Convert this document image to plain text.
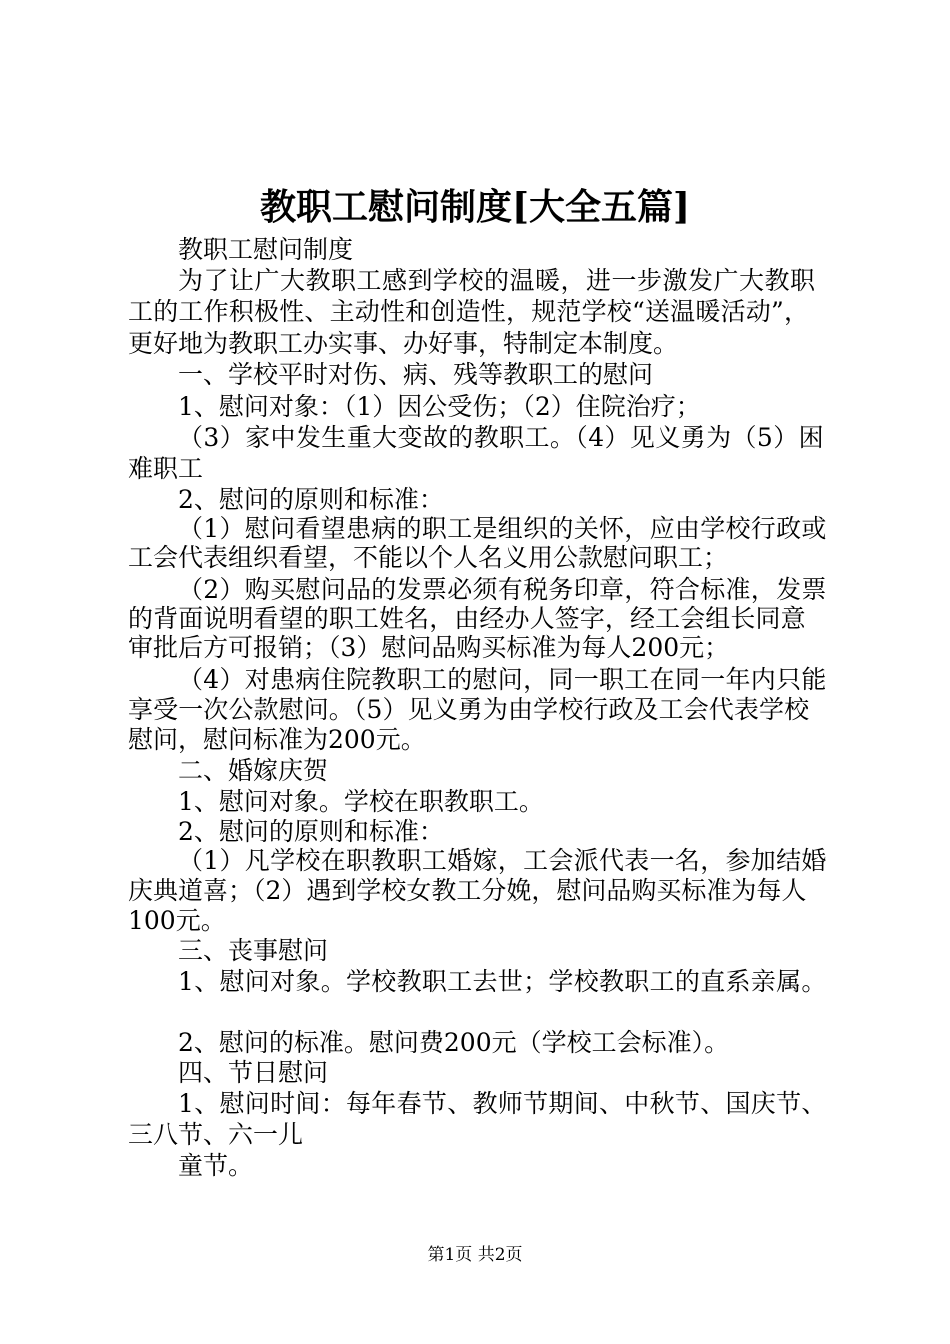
教职工慰问制度[大全五篇]
教职工慰问制度
为了让广大教职工感到学校的温暖，进一步激发广大教职
工的工作积极性、主动性和创造性，规范学校“送温暖活动”，
更好地为教职工办实事、办好事，特制定本制度。
一、学校平时对伤、病、残等教职工的慰问
1、慰问对象：（1）因公受伤；（2）住院治疗；
（3）家中发生重大变故的教职工。（4）见义勇为（5）困
难职工
2、慰问的原则和标准：
（1）慰问看望患病的职工是组织的关怀，应由学校行政或
工会代表组织看望，不能以个人名义用公款慰问职工；
（2）购买慰问品的发票必须有税务印章，符合标准，发票
的背面说明看望的职工姓名，由经办人签字，经工会组长同意
审批后方可报销；（3）慰问品购买标准为每人200元；
（4）对患病住院教职工的慰问，同一职工在同一年内只能
享受一次公款慰问。（5）见义勇为由学校行政及工会代表学校
慰问，慰问标准为200元。
二、婚嫁庆贺
1、慰问对象。学校在职教职工。
2、慰问的原则和标准：
（1）凡学校在职教职工婚嫁，工会派代表一名，参加结婚
庆典道喜；（2）遇到学校女教工分娩，慰问品购买标准为每人
100元。
三、丧事慰问
1、慰问对象。学校教职工去世；学校教职工的直系亲属。
2、慰问的标准。慰问费200元（学校工会标准）。
四、节日慰问
1、慰问时间：每年春节、教师节期间、中秋节、国庆节、
三八节、六一儿
童节。
第1页 共2页
